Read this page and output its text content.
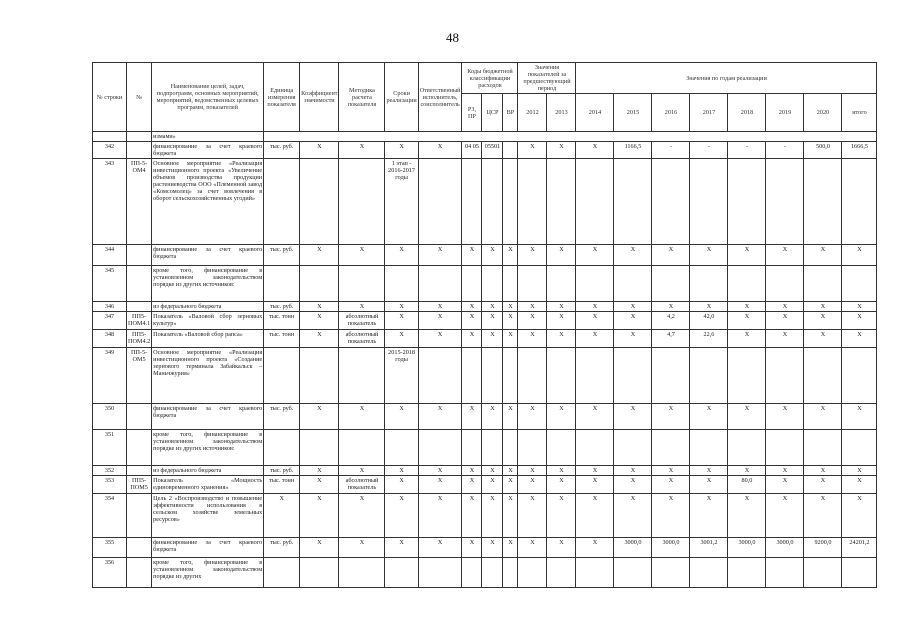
48
№ строки	№	Наименование целей, задач, подпрограмм, основных мероприятий, мероприятий, ведомственных целевых программ, показателей	Единица измерения показателя	Коэффициент значимости	Методика расчета показателя	Сроки реализации	Ответственный исполнитель, соисполнитель	Коды бюджетной классификации расходов			Значения показателей за предшествующий период		Значения по годам реализации							
								РЗ, ПР	ЦСР	ВР	2012	2013	2014	2015	2016	2017	2018	2019	2020	итого
		измами»																		
342		финансирование за счет краевого бюджета	тыс. руб.	X	X	X	X	04 05	05501		X	X	X	1166,5	-	-	-	-	500,0	1666,5
343	ПП-5-ОМ4	Основное мероприятие «Реализация инвестиционного проекта «Увеличение объемов производства продукции растениеводства ООО «Племенной завод «Комсомолец» за счет вовлечения в оборот сельскохозяйственных угодий»				1 этап - 2016-2017 годы														
344		финансирование за счет краевого бюджета	тыс. руб.	X	X	X	X	X	X	X	X	X	X	X	X	X	X	X	X	X
345		кроме того, финансирование в установленном законодательством порядке из других источников:																		
346		из федерального бюджета	тыс. руб.	X	X	X	X	X	X	X	X	X	X	X	X	X	X	X	X	X
347	ПП5-ПОМ4.1	Показатель «Валовой сбор зерновых культур»	тыс. тонн	X	абсолютный показатель	X	X	X	X	X	X	X	X	X	4,2	42,0	X	X	X	X
348	ПП5-ПОМ4.2	Показатель «Валовой сбор рапса»	тыс. тонн	X	абсолютный показатель	X	X	X	X	X	X	X	X	X	4,7	22,6	X	X	X	X
349	ПП-5-ОМ5	Основное мероприятие «Реализация инвестиционного проекта «Создание зернового терминала Забайкальск – Маньчжурия»				2015-2018 годы														
350		финансирование за счет краевого бюджета	тыс. руб.	X	X	X	X	X	X	X	X	X	X	X	X	X	X	X	X	X
351		кроме того, финансирование в установленном законодательством порядке из других источников:																		
352		из федерального бюджета	тыс. руб.	X	X	X	X	X	X	X	X	X	X	X	X	X	X	X	X	X
353	ПП5-ПОМ5	Показатель «Мощность единовременного хранения»	тыс. тонн	X	абсолютный показатель	X	X	X	X	X	X	X	X	X	X	X	80,0	X	X	X
354		Цель 2 «Воспроизводство и повышение эффективности использования в сельском хозяйстве земельных ресурсов»	X	X	X	X	X	X	X	X	X	X	X	X	X	X	X	X	X	X
355		финансирование за счет краевого бюджета	тыс. руб.	X	X	X	X	X	X	X	X	X	X	3000,0	3000,0	3001,2	3000,0	3000,0	9200,0	24201,2
356		кроме того, финансирование в установленном законодательством порядке из других																		
